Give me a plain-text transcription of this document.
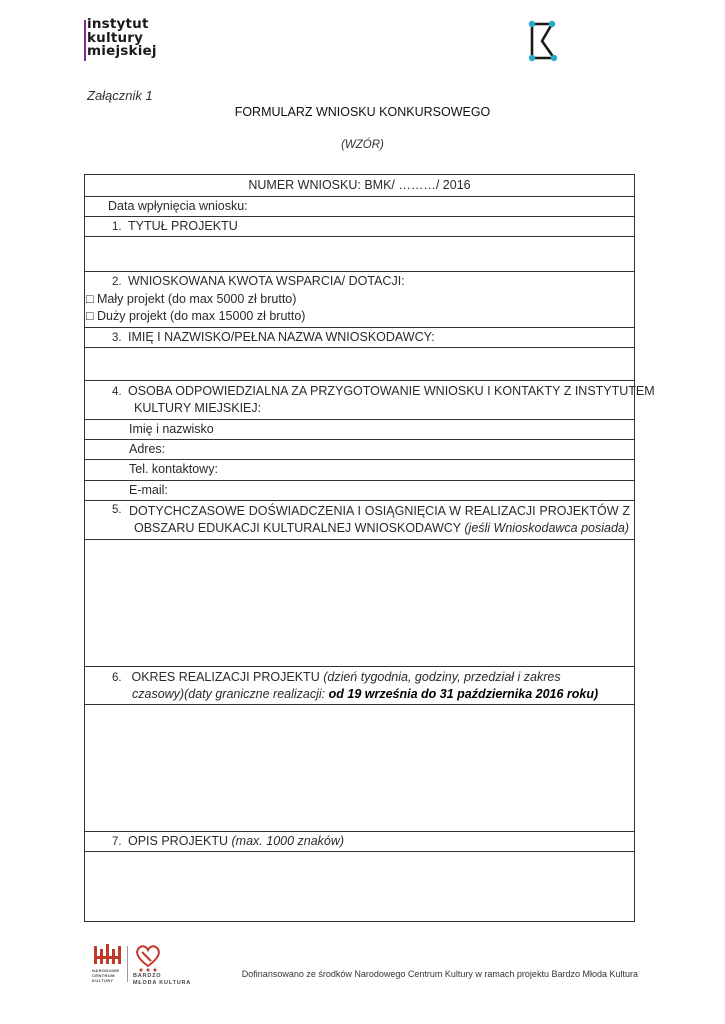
instytut
kultury
miejskiej
Załącznik 1
FORMULARZ WNIOSKU KONKURSOWEGO
(WZÓR)
NUMER WNIOSKU: BMK/ ………/ 2016
Data wpłynięcia wniosku:
1. TYTUŁ PROJEKTU
2. WNIOSKOWANA KWOTA WSPARCIA/ DOTACJI:
□ Mały projekt (do max 5000 zł brutto)
□ Duży projekt (do max 15000 zł brutto)
3. IMIĘ I NAZWISKO/PEŁNA NAZWA WNIOSKODAWCY:
4. OSOBA ODPOWIEDZIALNA ZA PRZYGOTOWANIE WNIOSKU I KONTAKTY Z INSTYTUTEM
KULTURY MIEJSKIEJ:
Imię i nazwisko
Adres:
Tel. kontaktowy:
E-mail:
5. DOTYCHCZASOWE DOŚWIADCZENIA I OSIĄGNIĘCIA W REALIZACJI PROJEKTÓW Z
OBSZARU EDUKACJI KULTURALNEJ WNIOSKODAWCY (jeśli Wnioskodawca posiada)
6. OKRES REALIZACJI PROJEKTU (dzień tygodnia, godziny, przedział i zakres
czasowy)(daty graniczne realizacji: od 19 września do 31 października 2016 roku)
7. OPIS PROJEKTU (max. 1000 znaków)
NARODOWE
CENTRUM
KULTURY
BARDZO
MŁODA KULTURA
Dofinansowano ze środków Narodowego Centrum Kultury w ramach projektu Bardzo Młoda Kultura
